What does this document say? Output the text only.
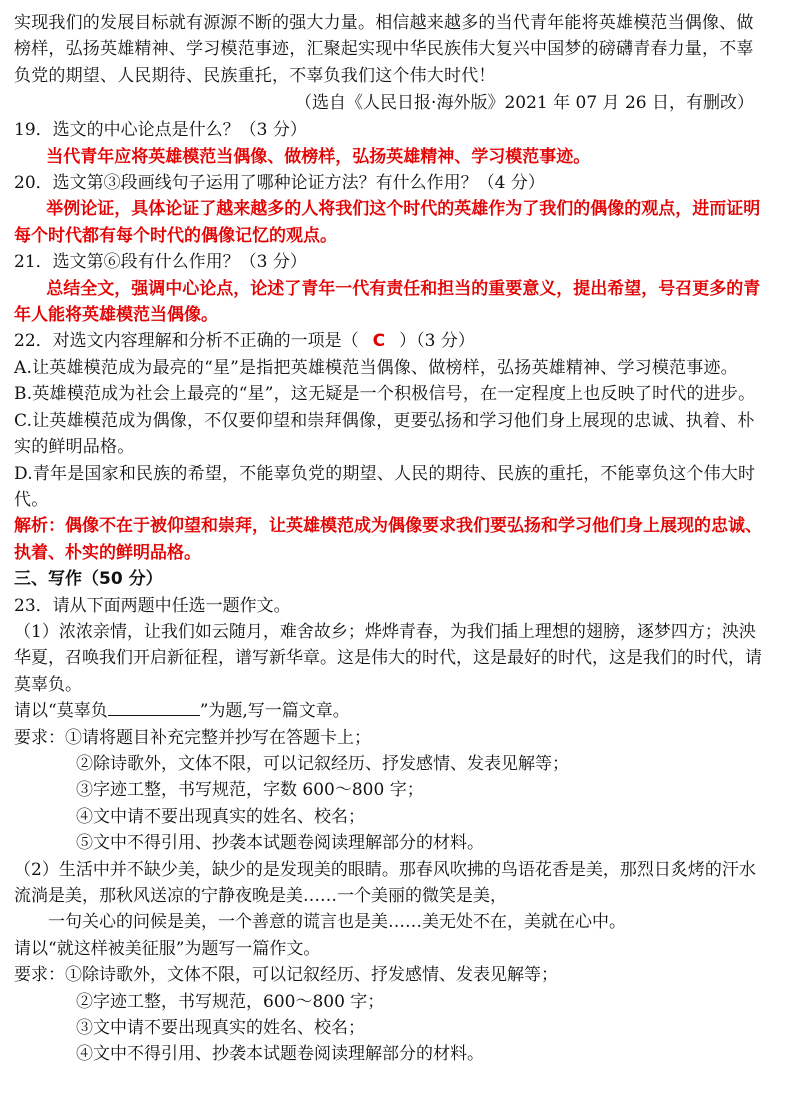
实现我们的发展目标就有源源不断的强大力量。相信越来越多的当代青年能将英雄模范当偶像、做榜样，弘扬英雄精神、学习模范事迹，汇聚起实现中华民族伟大复兴中国梦的磅礴青春力量，不辜负党的期望、人民期待、民族重托，不辜负我们这个伟大时代！

（选自《人民日报·海外版》2021 年 07 月 26 日，有删改）

19．选文的中心论点是什么？（3 分）

当代青年应将英雄模范当偶像、做榜样，弘扬英雄精神、学习模范事迹。

20．选文第③段画线句子运用了哪种论证方法？有什么作用？（4 分）

举例论证，具体论证了越来越多的人将我们这个时代的英雄作为了我们的偶像的观点，进而证明每个时代都有每个时代的偶像记忆的观点。

21．选文第⑥段有什么作用？（3 分）

总结全文，强调中心论点，论述了青年一代有责任和担当的重要意义，提出希望，号召更多的青年人能将英雄模范当偶像。

22．对选文内容理解和分析不正确的一项是（ C ）（3 分）

A.让英雄模范成为最亮的“星”是指把英雄模范当偶像、做榜样，弘扬英雄精神、学习模范事迹。

B.英雄模范成为社会上最亮的“星”，这无疑是一个积极信号，在一定程度上也反映了时代的进步。

C.让英雄模范成为偶像，不仅要仰望和崇拜偶像，更要弘扬和学习他们身上展现的忠诚、执着、朴实的鲜明品格。

D.青年是国家和民族的希望，不能辜负党的期望、人民的期待、民族的重托，不能辜负这个伟大时代。

解析：偶像不在于被仰望和崇拜，让英雄模范成为偶像要求我们要弘扬和学习他们身上展现的忠诚、执着、朴实的鲜明品格。

三、写作（50 分）

23．请从下面两题中任选一题作文。

（1）浓浓亲情，让我们如云随月，难舍故乡；烨烨青春，为我们插上理想的翅膀，逐梦四方；泱泱华夏，召唤我们开启新征程，谱写新华章。这是伟大的时代，这是最好的时代，这是我们的时代，请莫辜负。

请以“莫辜负	”为题,写一篇文章。

要求：①请将题目补充完整并抄写在答题卡上；

②除诗歌外，文体不限，可以记叙经历、抒发感情、发表见解等；

③字迹工整，书写规范，字数 600～800 字；

④文中请不要出现真实的姓名、校名；

⑤文中不得引用、抄袭本试题卷阅读理解部分的材料。

（2）生活中并不缺少美，缺少的是发现美的眼睛。那春风吹拂的鸟语花香是美，那烈日炙烤的汗水流淌是美，那秋风送凉的宁静夜晚是美……一个美丽的微笑是美，

一句关心的问候是美，一个善意的谎言也是美……美无处不在，美就在心中。

请以“就这样被美征服”为题写一篇作文。

要求：①除诗歌外，文体不限，可以记叙经历、抒发感情、发表见解等；

②字迹工整，书写规范，600～800 字；

③文中请不要出现真实的姓名、校名；

④文中不得引用、抄袭本试题卷阅读理解部分的材料。
